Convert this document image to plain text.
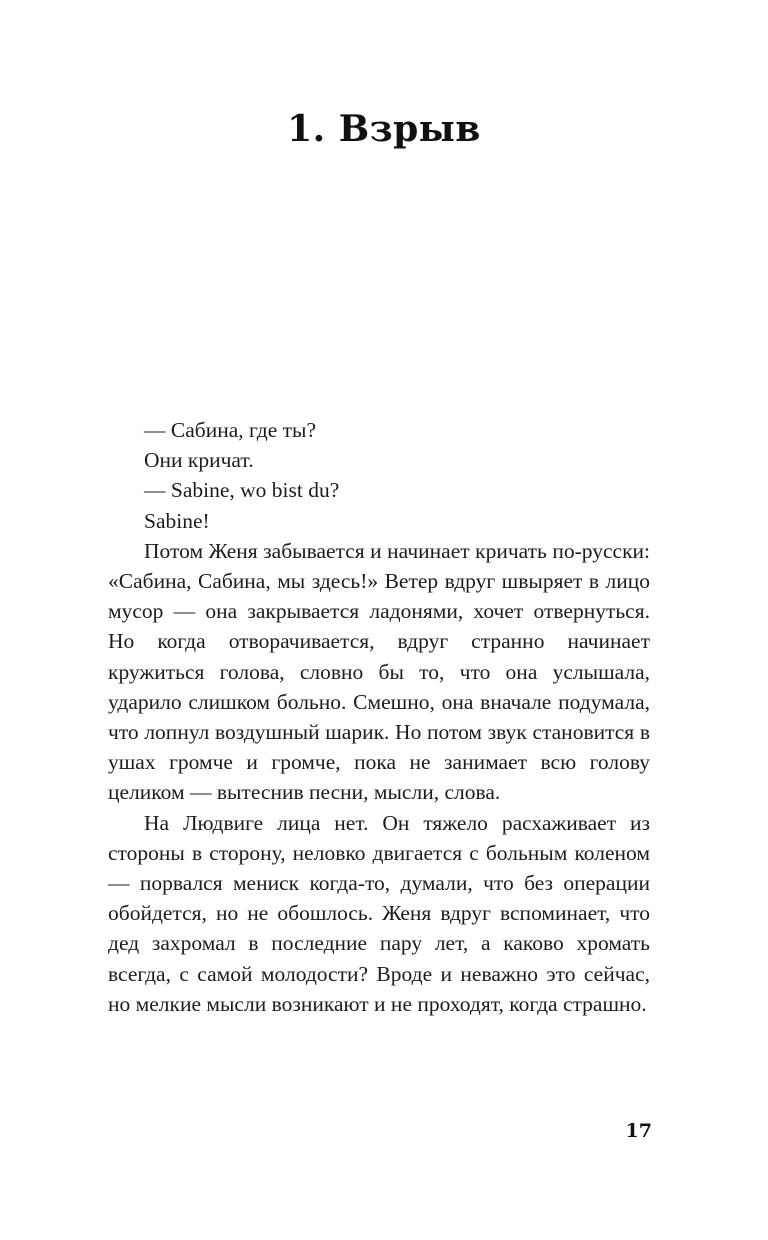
1. Взрыв

— Сабина, где ты?

Они кричат.

— Sabine, wo bist du?

Sabine!

Потом Женя забывается и начинает кричать по-русски: «Сабина, Сабина, мы здесь!» Ветер вдруг швыряет в лицо мусор — она закрывается ладонями, хочет отвернуться. Но когда отворачивается, вдруг странно начинает кружиться голова, словно бы то, что она услышала, ударило слишком больно. Смешно, она вначале подумала, что лопнул воздушный шарик. Но потом звук становится в ушах громче и громче, пока не занимает всю голову целиком — вытеснив песни, мысли, слова.

На Людвиге лица нет. Он тяжело расхаживает из стороны в сторону, неловко двигается с больным коленом — порвался мениск когда-то, думали, что без операции обойдется, но не обошлось. Женя вдруг вспоминает, что дед захромал в последние пару лет, а каково хромать всегда, с самой молодости? Вроде и неважно это сейчас, но мелкие мысли возникают и не проходят, когда страшно.

17
